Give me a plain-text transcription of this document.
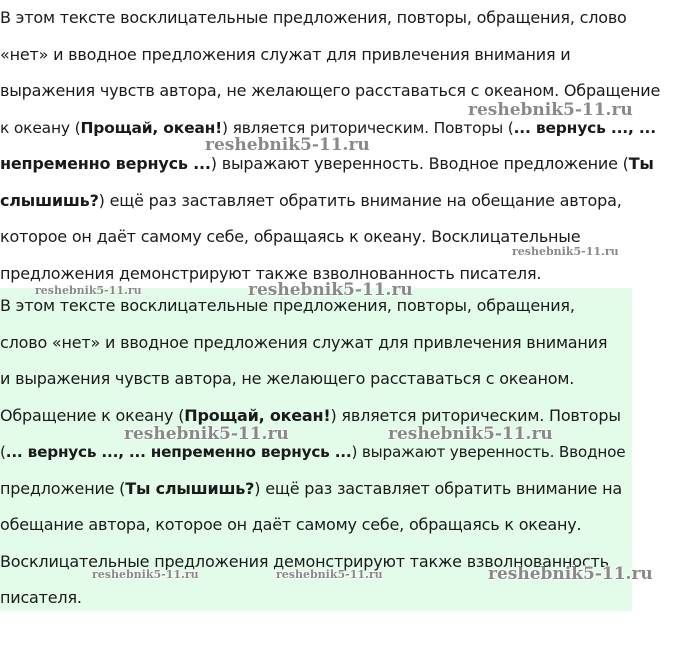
В этом тексте восклицательные предложения, повторы, обращения, слово
«нет» и вводное предложения служат для привлечения внимания и
выражения чувств автора, не желающего расставаться с океаном. Обращение
к океану (Прощай, океан!) является риторическим. Повторы (... вернусь ..., ...
непременно вернусь ...) выражают уверенность. Вводное предложение (Ты
слышишь?) ещё раз заставляет обратить внимание на обещание автора,
которое он даёт самому себе, обращаясь к океану. Восклицательные
предложения демонстрируют также взволнованность писателя.
В этом тексте восклицательные предложения, повторы, обращения,
слово «нет» и вводное предложения служат для привлечения внимания
и выражения чувств автора, не желающего расставаться с океаном.
Обращение к океану (Прощай, океан!) является риторическим. Повторы
(... вернусь ..., ... непременно вернусь ...) выражают уверенность. Вводное
предложение (Ты слышишь?) ещё раз заставляет обратить внимание на
обещание автора, которое он даёт самому себе, обращаясь к океану.
Восклицательные предложения демонстрируют также взволнованность
писателя.
reshebnik5-11.ru
reshebnik5-11.ru
reshebnik5-11.ru
reshebnik5-11.ru	reshebnik5-11.ru
reshebnik5-11.ru	reshebnik5-11.ru
reshebnik5-11.ru	reshebnik5-11.ru	reshebnik5-11.ru
